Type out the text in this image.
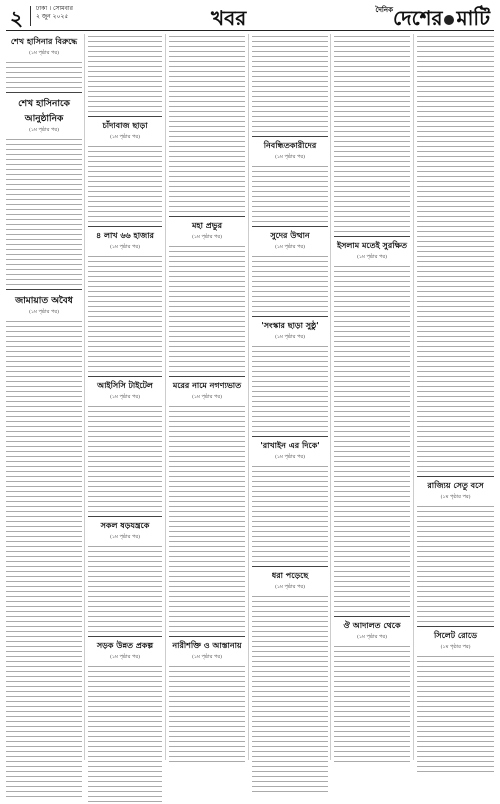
২ ঢাকা । সোমবার
২ জুন ২০২৫	খবর	$^{দৈনিক}$দেশের মাটি
শেখ হাসিনার বিরুদ্ধে
(১ম পৃষ্ঠার পর)
শেখ হাসিনাকে আনুষ্ঠানিক
(১ম পৃষ্ঠার পর)
জামায়াত অবৈধ
(১ম পৃষ্ঠার পর)
চাঁদাবাজ ছাড়া
(১ম পৃষ্ঠার পর)
৪ লাখ ৬৬ হাজার
(১ম পৃষ্ঠার পর)
আইসিসি টাইটেল
(১ম পৃষ্ঠার পর)
সকল ষড়যন্ত্রকে
(১ম পৃষ্ঠার পর)
সড়ক উন্নত প্রকল্প
(১ম পৃষ্ঠার পর)
মহা প্রভুর
(১ম পৃষ্ঠার পর)
মরের নামে নগণ্যভাত
(১ম পৃষ্ঠার পর)
নারীশক্তি ও আস্তানায়
(১ম পৃষ্ঠার পর)
নিবন্ধিতকারীদের
(১ম পৃষ্ঠার পর)
সুদের উত্থান
(১ম পৃষ্ঠার পর)
'সংস্কার ছাড়া সুষ্ঠু'
(১ম পৃষ্ঠার পর)
'রাখাইন এর দিকে'
(১ম পৃষ্ঠার পর)
ধরা পড়েছে
(১ম পৃষ্ঠার পর)
ইসলাম মতেই সুরক্ষিত
(১ম পৃষ্ঠার পর)
ঔ আদালত থেকে
(১ম পৃষ্ঠার পর)
রাজ্যিয় সেতু বসে
(১ম পৃষ্ঠার পর)
সিলেট রোডে
(১ম পৃষ্ঠার পর)
